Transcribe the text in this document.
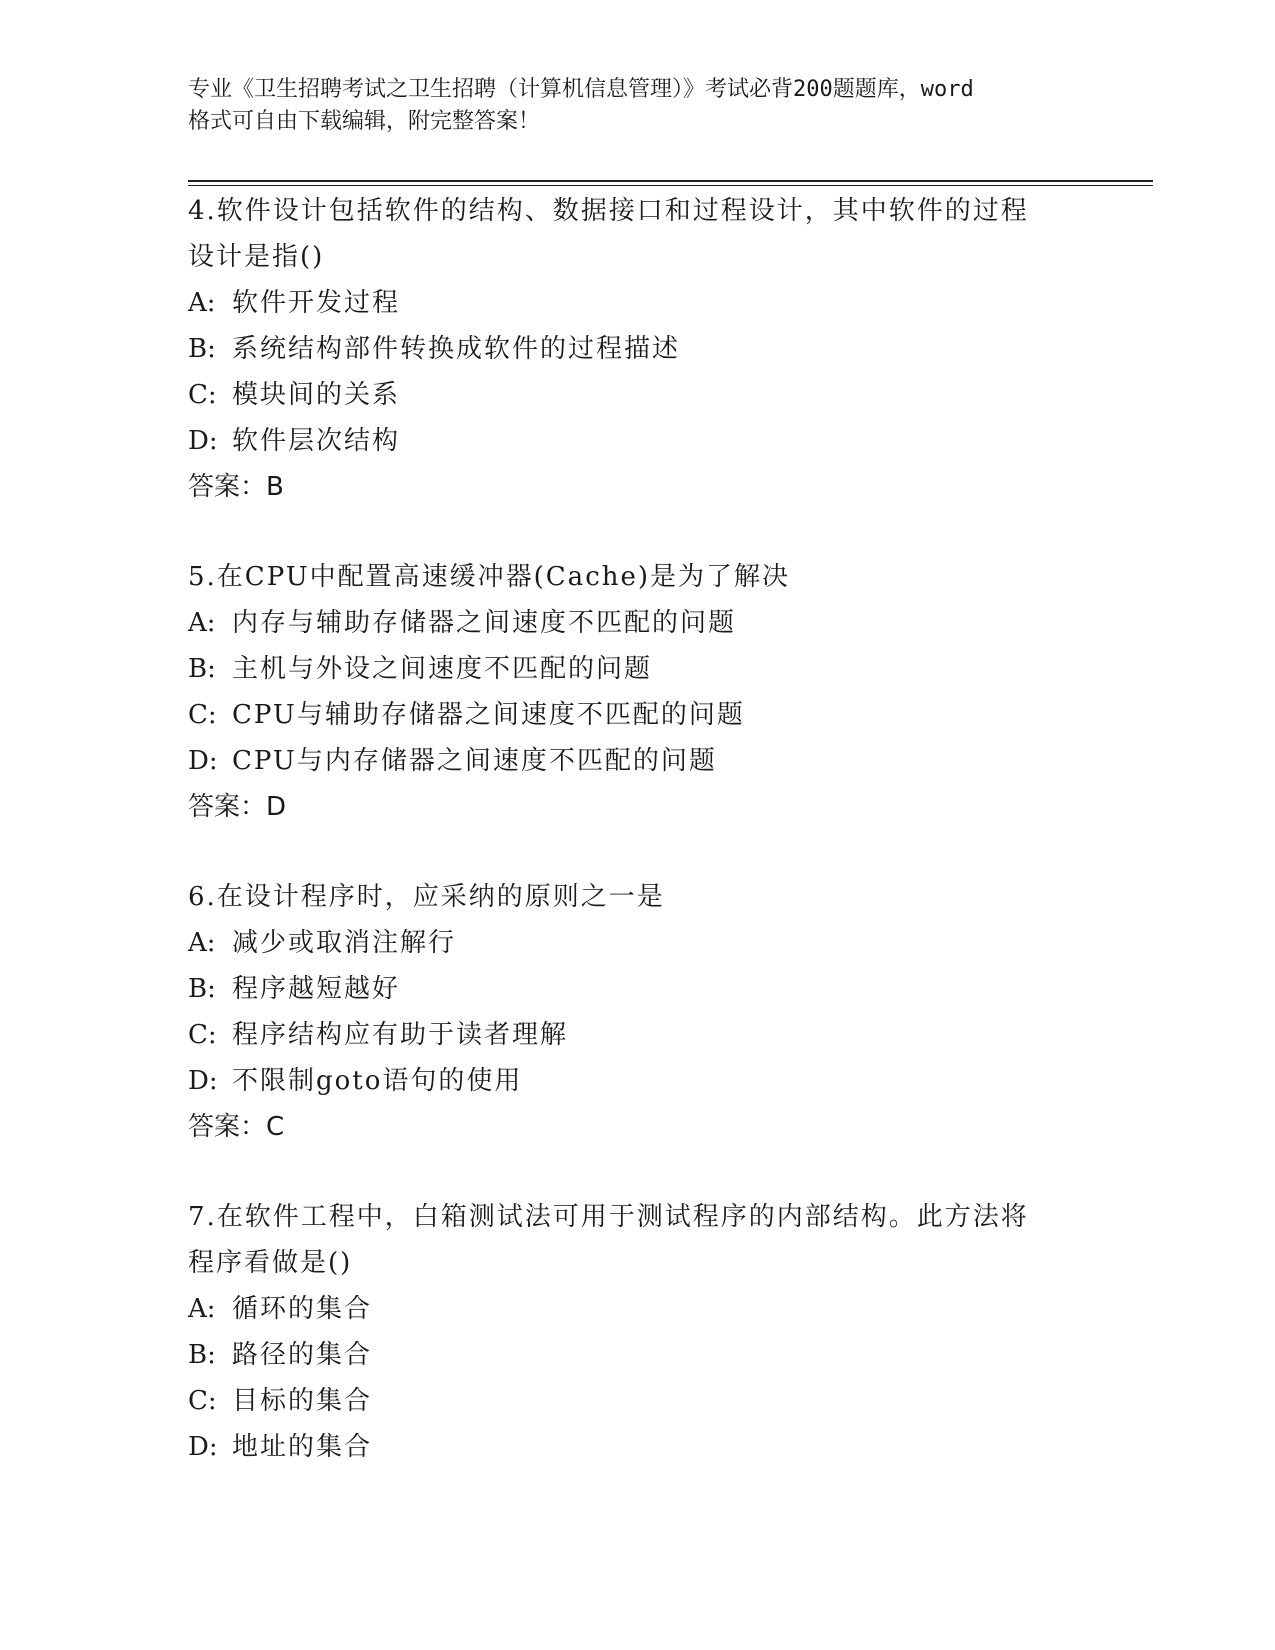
专业《卫生招聘考试之卫生招聘（计算机信息管理）》考试必背200题题库，word

格式可自由下载编辑，附完整答案！

4.软件设计包括软件的结构、数据接口和过程设计，其中软件的过程
设计是指()
A: 软件开发过程
B: 系统结构部件转换成软件的过程描述
C: 模块间的关系
D: 软件层次结构
答案：B
5.在CPU中配置高速缓冲器(Cache)是为了解决
A: 内存与辅助存储器之间速度不匹配的问题
B: 主机与外设之间速度不匹配的问题
C: CPU与辅助存储器之间速度不匹配的问题
D: CPU与内存储器之间速度不匹配的问题
答案：D
6.在设计程序时，应采纳的原则之一是
A: 减少或取消注解行
B: 程序越短越好
C: 程序结构应有助于读者理解
D: 不限制goto语句的使用
答案：C
7.在软件工程中，白箱测试法可用于测试程序的内部结构。此方法将
程序看做是()
A: 循环的集合
B: 路径的集合
C: 目标的集合
D: 地址的集合
